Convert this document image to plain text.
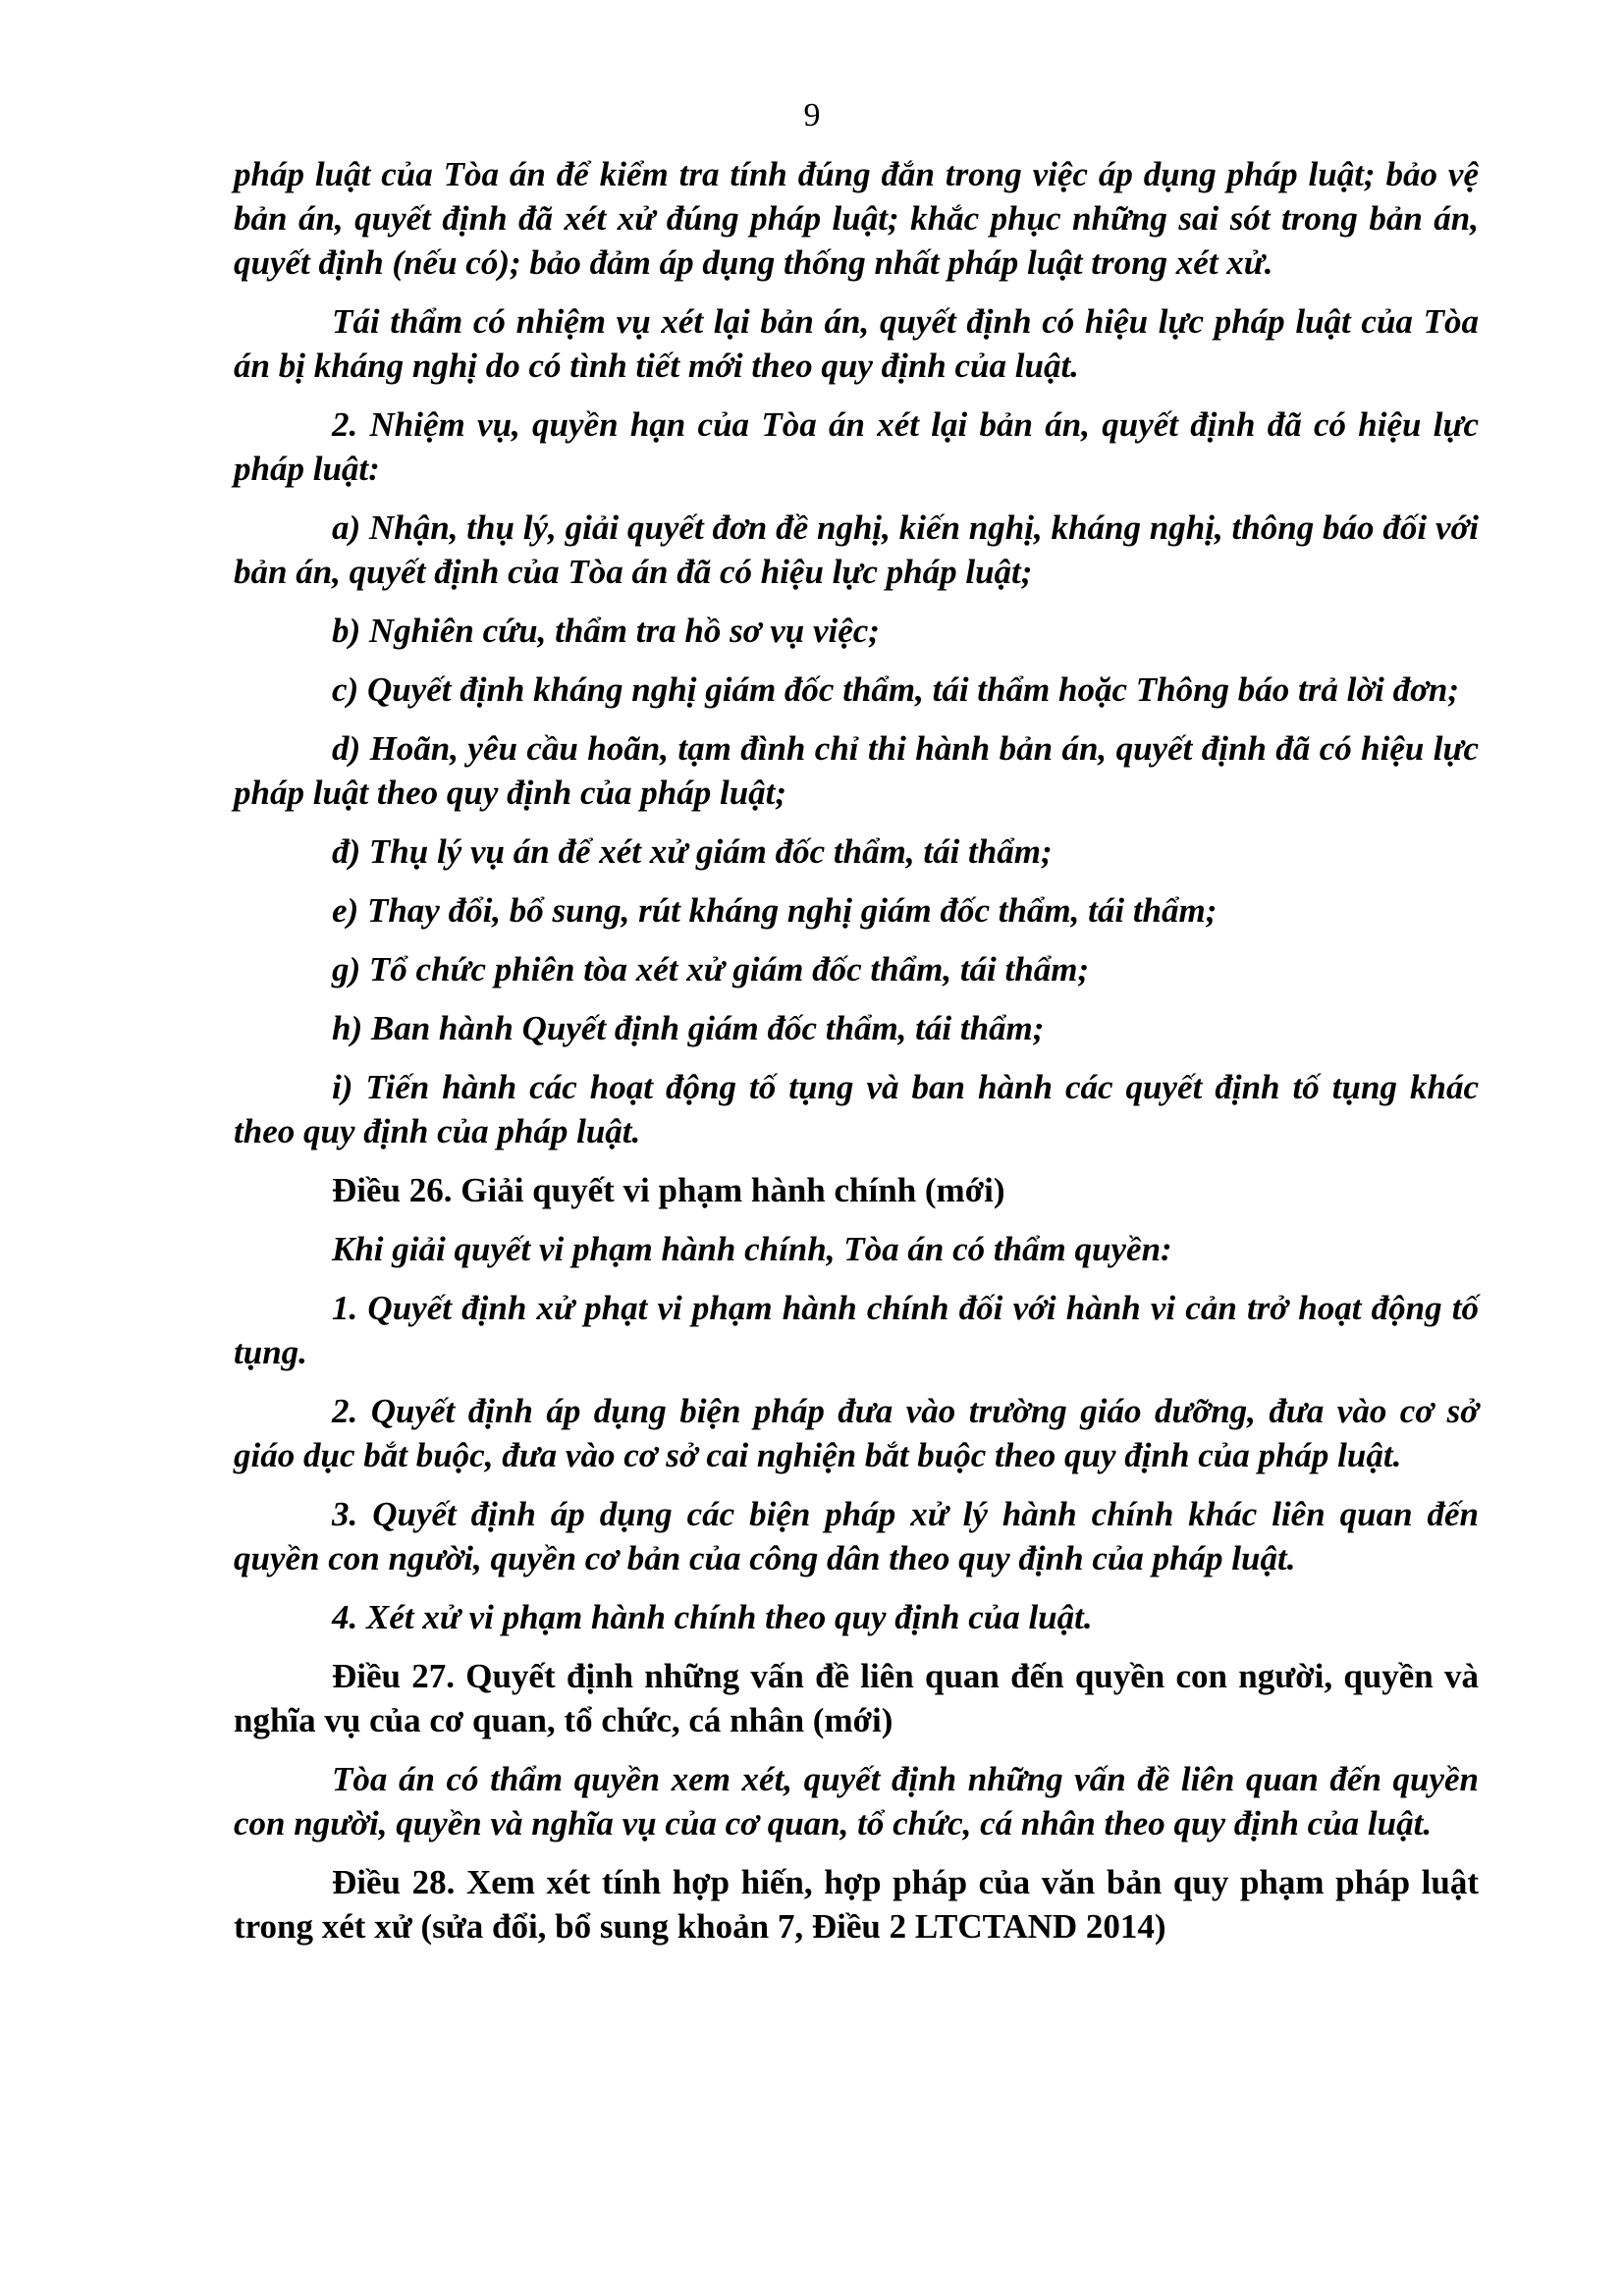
9

pháp luật của Tòa án để kiểm tra tính đúng đắn trong việc áp dụng pháp luật; bảo vệ bản án, quyết định đã xét xử đúng pháp luật; khắc phục những sai sót trong bản án, quyết định (nếu có); bảo đảm áp dụng thống nhất pháp luật trong xét xử.

Tái thẩm có nhiệm vụ xét lại bản án, quyết định có hiệu lực pháp luật của Tòa án bị kháng nghị do có tình tiết mới theo quy định của luật.

2. Nhiệm vụ, quyền hạn của Tòa án xét lại bản án, quyết định đã có hiệu lực pháp luật:

a) Nhận, thụ lý, giải quyết đơn đề nghị, kiến nghị, kháng nghị, thông báo đối với bản án, quyết định của Tòa án đã có hiệu lực pháp luật;

b) Nghiên cứu, thẩm tra hồ sơ vụ việc;

c) Quyết định kháng nghị giám đốc thẩm, tái thẩm hoặc Thông báo trả lời đơn;

d) Hoãn, yêu cầu hoãn, tạm đình chỉ thi hành bản án, quyết định đã có hiệu lực pháp luật theo quy định của pháp luật;

đ) Thụ lý vụ án để xét xử giám đốc thẩm, tái thẩm;

e) Thay đổi, bổ sung, rút kháng nghị giám đốc thẩm, tái thẩm;

g) Tổ chức phiên tòa xét xử giám đốc thẩm, tái thẩm;

h) Ban hành Quyết định giám đốc thẩm, tái thẩm;

i) Tiến hành các hoạt động tố tụng và ban hành các quyết định tố tụng khác theo quy định của pháp luật.

Điều 26. Giải quyết vi phạm hành chính (mới)

Khi giải quyết vi phạm hành chính, Tòa án có thẩm quyền:

1. Quyết định xử phạt vi phạm hành chính đối với hành vi cản trở hoạt động tố tụng.

2. Quyết định áp dụng biện pháp đưa vào trường giáo dưỡng, đưa vào cơ sở giáo dục bắt buộc, đưa vào cơ sở cai nghiện bắt buộc theo quy định của pháp luật.

3. Quyết định áp dụng các biện pháp xử lý hành chính khác liên quan đến quyền con người, quyền cơ bản của công dân theo quy định của pháp luật.

4. Xét xử vi phạm hành chính theo quy định của luật.

Điều 27. Quyết định những vấn đề liên quan đến quyền con người, quyền và nghĩa vụ của cơ quan, tổ chức, cá nhân (mới)

Tòa án có thẩm quyền xem xét, quyết định những vấn đề liên quan đến quyền con người, quyền và nghĩa vụ của cơ quan, tổ chức, cá nhân theo quy định của luật.

Điều 28. Xem xét tính hợp hiến, hợp pháp của văn bản quy phạm pháp luật trong xét xử (sửa đổi, bổ sung khoản 7, Điều 2 LTCTAND 2014)
